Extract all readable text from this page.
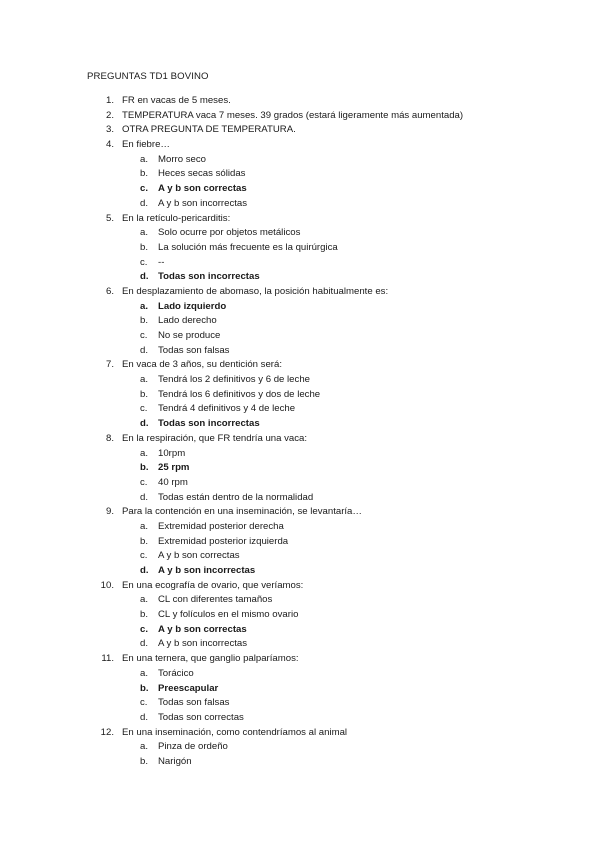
PREGUNTAS TD1 BOVINO
1. FR en vacas de 5 meses.
2. TEMPERATURA vaca 7 meses. 39 grados (estará ligeramente más aumentada)
3. OTRA PREGUNTA DE TEMPERATURA.
4. En fiebre…
a. Morro seco
b. Heces secas sólidas
c. A y b son correctas
d. A y b son incorrectas
5. En la retículo-pericarditis:
a. Solo ocurre por objetos metálicos
b. La solución más frecuente es la quirúrgica
c. --
d. Todas son incorrectas
6. En desplazamiento de abomaso, la posición habitualmente es:
a. Lado izquierdo
b. Lado derecho
c. No se produce
d. Todas son falsas
7. En vaca de 3 años, su dentición será:
a. Tendrá los 2 definitivos y 6 de leche
b. Tendrá los 6 definitivos y dos de leche
c. Tendrá 4 definitivos y 4 de leche
d. Todas son incorrectas
8. En la respiración, que FR tendría una vaca:
a. 10rpm
b. 25 rpm
c. 40 rpm
d. Todas están dentro de la normalidad
9. Para la contención en una inseminación, se levantaría…
a. Extremidad posterior derecha
b. Extremidad posterior izquierda
c. A y b son correctas
d. A y b son incorrectas
10. En una ecografía de ovario, que veríamos:
a. CL con diferentes tamaños
b. CL y folículos en el mismo ovario
c. A y b son correctas
d. A y b son incorrectas
11. En una ternera, que ganglio palparíamos:
a. Torácico
b. Preescapular
c. Todas son falsas
d. Todas son correctas
12. En una inseminación, como contendríamos al animal
a. Pinza de ordeño
b. Narigón
